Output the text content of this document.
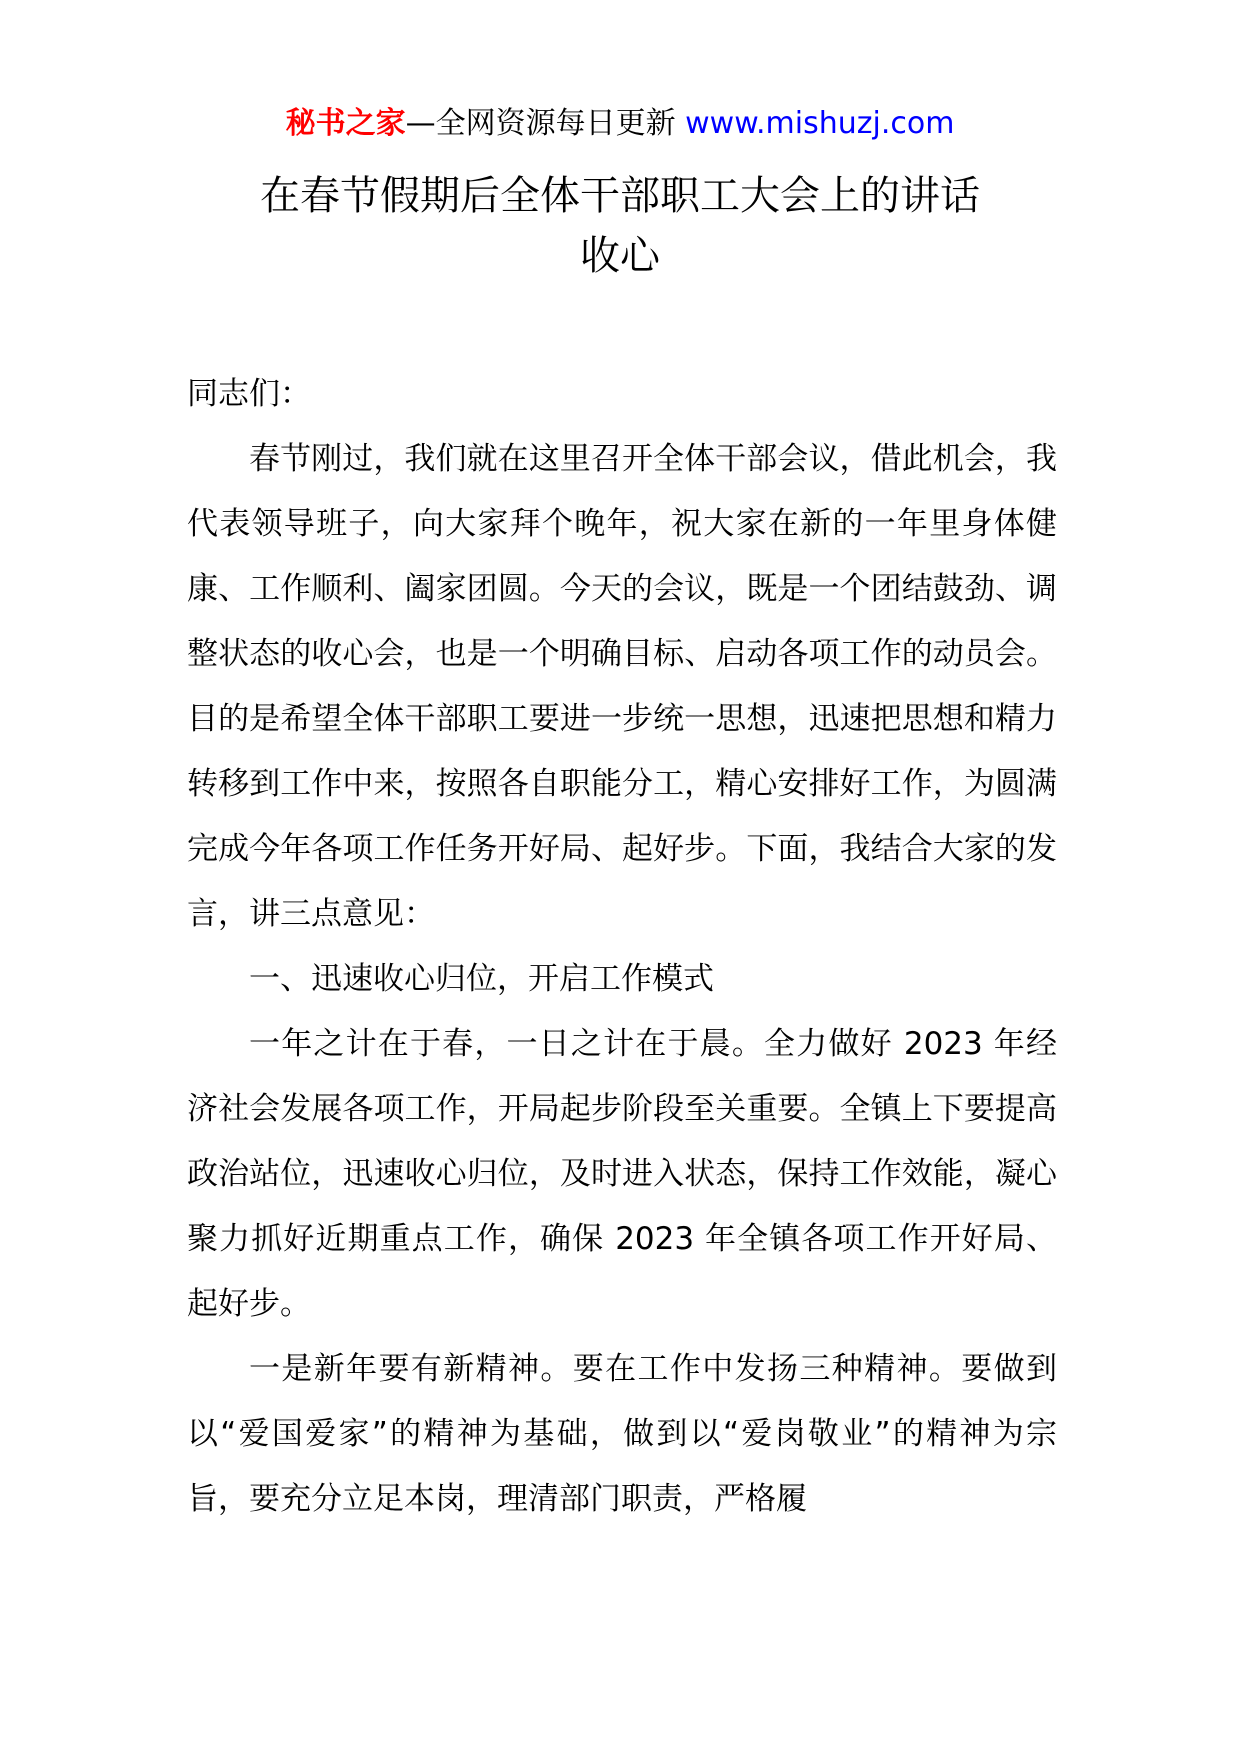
秘书之家—全网资源每日更新 www.mishuzj.com
在春节假期后全体干部职工大会上的讲话
收心

同志们：

春节刚过，我们就在这里召开全体干部会议，借此机会，我代表领导班子，向大家拜个晚年，祝大家在新的一年里身体健康、工作顺利、阖家团圆。今天的会议，既是一个团结鼓劲、调整状态的收心会，也是一个明确目标、启动各项工作的动员会。目的是希望全体干部职工要进一步统一思想，迅速把思想和精力转移到工作中来，按照各自职能分工，精心安排好工作，为圆满完成今年各项工作任务开好局、起好步。下面，我结合大家的发言，讲三点意见：

一、迅速收心归位，开启工作模式

一年之计在于春，一日之计在于晨。全力做好 2023 年经济社会发展各项工作，开局起步阶段至关重要。全镇上下要提高政治站位，迅速收心归位，及时进入状态，保持工作效能，凝心聚力抓好近期重点工作，确保 2023 年全镇各项工作开好局、起好步。

一是新年要有新精神。要在工作中发扬三种精神。要做到以“爱国爱家”的精神为基础，做到以“爱岗敬业”的精神为宗旨，要充分立足本岗，理清部门职责，严格履
